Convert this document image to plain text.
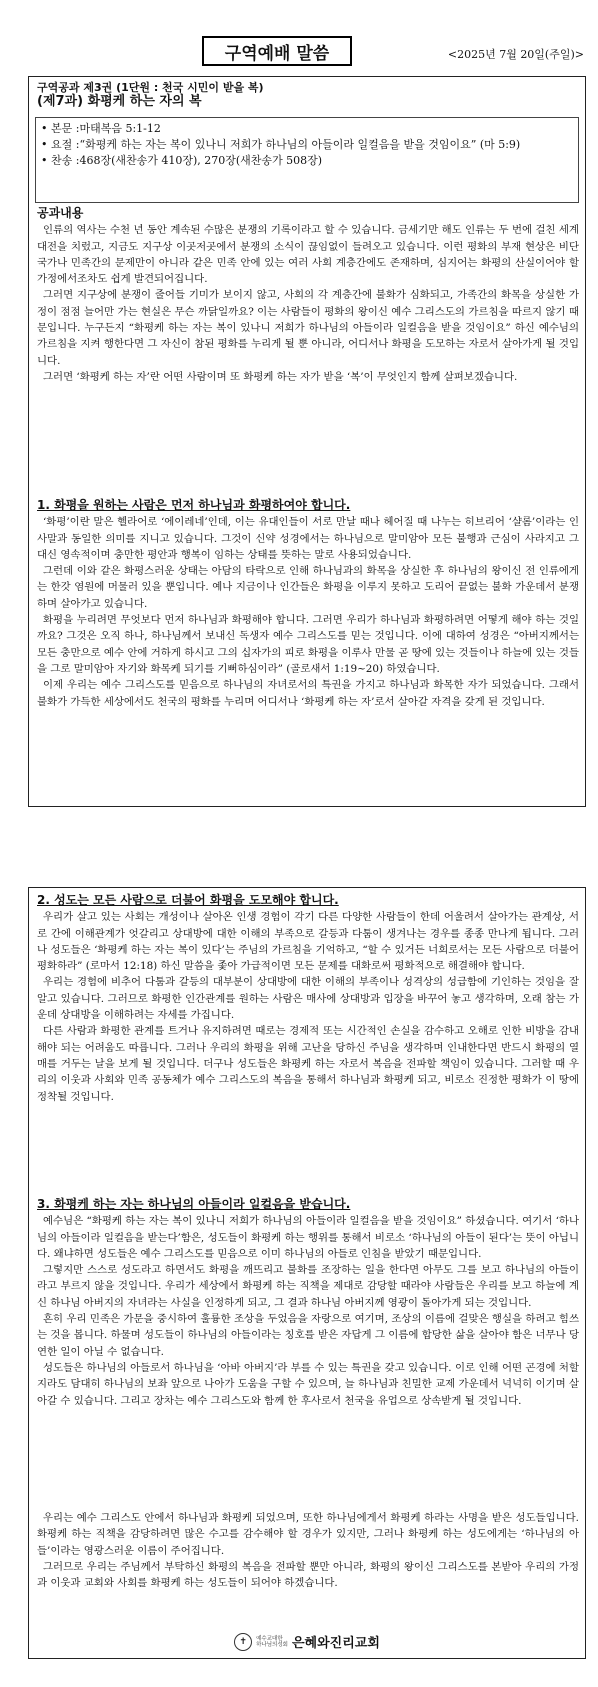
구역예배 말씀	<2025년 7월 20일(주일)>
구역공과 제3권 (1단원 : 천국 시민이 받을 복)
(제7과) 화평케 하는 자의 복
• 본문 : 마태복음 5:1-12
• 요절 : “화평케 하는 자는 복이 있나니 저희가 하나님의 아들이라 일컬음을 받을 것임이요” (마 5:9)
• 찬송 : 468장(새찬송가 410장), 270장(새찬송가 508장)
공과내용

인류의 역사는 수천 년 동안 계속된 수많은 분쟁의 기록이라고 할 수 있습니다. 금세기만 해도 인류는 두 번에 걸친 세계대전을 치렀고, 지금도 지구상 이곳저곳에서 분쟁의 소식이 끊임없이 들려오고 있습니다. 이런 평화의 부재 현상은 비단 국가나 민족간의 문제만이 아니라 같은 민족 안에 있는 여러 사회 계층간에도 존재하며, 심지어는 화평의 산실이어야 할 가정에서조차도 쉽게 발견되어집니다.

그러면 지구상에 분쟁이 줄어들 기미가 보이지 않고, 사회의 각 계층간에 불화가 심화되고, 가족간의 화목을 상실한 가정이 점점 늘어만 가는 현실은 무슨 까닭일까요? 이는 사람들이 평화의 왕이신 예수 그리스도의 가르침을 따르지 않기 때문입니다. 누구든지 “화평케 하는 자는 복이 있나니 저희가 하나님의 아들이라 일컬음을 받을 것임이요” 하신 예수님의 가르침을 지켜 행한다면 그 자신이 참된 평화를 누리게 될 뿐 아니라, 어디서나 화평을 도모하는 자로서 살아가게 될 것입니다.

그러면 ‘화평케 하는 자’란 어떤 사람이며 또 화평케 하는 자가 받을 ‘복’이 무엇인지 함께 살펴보겠습니다.

1. 화평을 원하는 사람은 먼저 하나님과 화평하여야 합니다.

‘화평’이란 말은 헬라어로 ‘에이레네’인데, 이는 유대인들이 서로 만날 때나 헤어질 때 나누는 히브리어 ‘샬롬’이라는 인사말과 동일한 의미를 지니고 있습니다. 그것이 신약 성경에서는 하나님으로 말미암아 모든 불행과 근심이 사라지고 그 대신 영속적이며 충만한 평안과 행복이 임하는 상태를 뜻하는 말로 사용되었습니다.

그런데 이와 같은 화평스러운 상태는 아담의 타락으로 인해 하나님과의 화목을 상실한 후 하나님의 왕이신 전 인류에게는 한갓 염원에 머물러 있을 뿐입니다. 예나 지금이나 인간들은 화평을 이루지 못하고 도리어 끝없는 불화 가운데서 분쟁하며 살아가고 있습니다.

화평을 누리려면 무엇보다 먼저 하나님과 화평해야 합니다. 그러면 우리가 하나님과 화평하려면 어떻게 해야 하는 것일까요? 그것은 오직 하나, 하나님께서 보내신 독생자 예수 그리스도를 믿는 것입니다. 이에 대하여 성경은 “아버지께서는 모든 충만으로 예수 안에 거하게 하시고 그의 십자가의 피로 화평을 이루사 만물 곧 땅에 있는 것들이나 하늘에 있는 것들을 그로 말미암아 자기와 화목케 되기를 기뻐하심이라” (골로새서 1:19~20) 하였습니다.

이제 우리는 예수 그리스도를 믿음으로 하나님의 자녀로서의 특권을 가지고 하나님과 화목한 자가 되었습니다. 그래서 불화가 가득한 세상에서도 천국의 평화를 누리며 어디서나 ‘화평케 하는 자’로서 살아갈 자격을 갖게 된 것입니다.

2. 성도는 모든 사람으로 더불어 화평을 도모해야 합니다.

우리가 살고 있는 사회는 개성이나 살아온 인생 경험이 각기 다른 다양한 사람들이 한데 어울려서 살아가는 관계상, 서로 간에 이해관계가 엇갈리고 상대방에 대한 이해의 부족으로 갈등과 다툼이 생겨나는 경우를 종종 만나게 됩니다. 그러나 성도들은 ‘화평케 하는 자는 복이 있다’는 주님의 가르침을 기억하고, “할 수 있거든 너희로서는 모든 사람으로 더불어 평화하라” (로마서 12:18) 하신 말씀을 좇아 가급적이면 모든 문제를 대화로써 평화적으로 해결해야 합니다.

우리는 경험에 비추어 다툼과 갈등의 대부분이 상대방에 대한 이해의 부족이나 성격상의 성급함에 기인하는 것임을 잘 알고 있습니다. 그러므로 화평한 인간관계를 원하는 사람은 매사에 상대방과 입장을 바꾸어 놓고 생각하며, 오래 참는 가운데 상대방을 이해하려는 자세를 가집니다.

다른 사람과 화평한 관계를 트거나 유지하려면 때로는 경제적 또는 시간적인 손실을 감수하고 오해로 인한 비방을 감내해야 되는 어려움도 따릅니다. 그러나 우리의 화평을 위해 고난을 당하신 주님을 생각하며 인내한다면 반드시 화평의 열매를 거두는 날을 보게 될 것입니다. 더구나 성도들은 화평케 하는 자로서 복음을 전파할 책임이 있습니다. 그러할 때 우리의 이웃과 사회와 민족 공동체가 예수 그리스도의 복음을 통해서 하나님과 화평케 되고, 비로소 진정한 평화가 이 땅에 정착될 것입니다.

3. 화평케 하는 자는 하나님의 아들이라 일컬음을 받습니다.

예수님은 “화평케 하는 자는 복이 있나니 저희가 하나님의 아들이라 일컬음을 받을 것임이요” 하셨습니다. 여기서 ‘하나님의 아들이라 일컬음을 받는다’함은, 성도들이 화평케 하는 행위를 통해서 비로소 ‘하나님의 아들이 된다’는 뜻이 아닙니다. 왜냐하면 성도들은 예수 그리스도를 믿음으로 이미 하나님의 아들로 인침을 받았기 때문입니다.

그렇지만 스스로 성도라고 하면서도 화평을 깨뜨리고 불화를 조장하는 일을 한다면 아무도 그를 보고 하나님의 아들이라고 부르지 않을 것입니다. 우리가 세상에서 화평케 하는 직책을 제대로 감당할 때라야 사람들은 우리를 보고 하늘에 계신 하나님 아버지의 자녀라는 사실을 인정하게 되고, 그 결과 하나님 아버지께 영광이 돌아가게 되는 것입니다.

흔히 우리 민족은 가문을 중시하여 훌륭한 조상을 두었음을 자랑으로 여기며, 조상의 이름에 걸맞은 행실을 하려고 힘쓰는 것을 봅니다. 하물며 성도들이 하나님의 아들이라는 칭호를 받은 자답게 그 이름에 합당한 삶을 살아야 함은 너무나 당연한 일이 아닐 수 없습니다.

성도들은 하나님의 아들로서 하나님을 ‘아바 아버지’라 부를 수 있는 특권을 갖고 있습니다. 이로 인해 어떤 곤경에 처할지라도 담대히 하나님의 보좌 앞으로 나아가 도움을 구할 수 있으며, 늘 하나님과 친밀한 교제 가운데서 넉넉히 이기며 살아갈 수 있습니다. 그리고 장차는 예수 그리스도와 함께 한 후사로서 천국을 유업으로 상속받게 될 것입니다.

우리는 예수 그리스도 안에서 하나님과 화평케 되었으며, 또한 하나님에게서 화평케 하라는 사명을 받은 성도들입니다. 화평케 하는 직책을 감당하려면 많은 수고를 감수해야 할 경우가 있지만, 그러나 화평케 하는 성도에게는 ‘하나님의 아들’이라는 영광스러운 이름이 주어집니다.

그러므로 우리는 주님께서 부탁하신 화평의 복음을 전파할 뿐만 아니라, 화평의 왕이신 그리스도를 본받아 우리의 가정과 이웃과 교회와 사회를 화평케 하는 성도들이 되어야 하겠습니다.

✝	예수교대한
하나님의성회 은혜와진리교회
